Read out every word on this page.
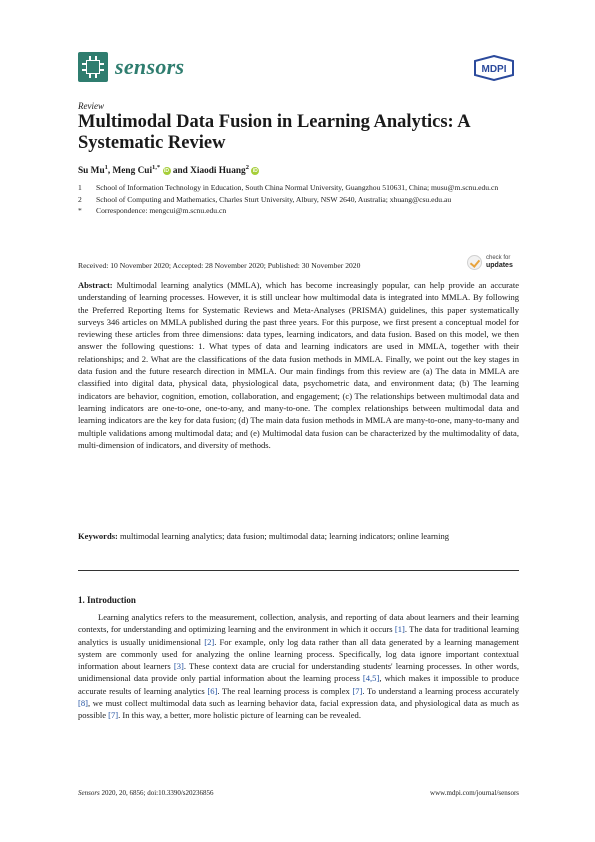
sensors	MDPI
Review
Multimodal Data Fusion in Learning Analytics: A Systematic Review
Su Mu$^1$, Meng Cui$^{1,*}$ iD and Xiaodi Huang$^2$ iD
1	School of Information Technology in Education, South China Normal University, Guangzhou 510631, China; musu@m.scnu.edu.cn
2	School of Computing and Mathematics, Charles Sturt University, Albury, NSW 2640, Australia; xhuang@csu.edu.au
*	Correspondence: mengcui@m.scnu.edu.cn
Received: 10 November 2020; Accepted: 28 November 2020; Published: 30 November 2020
check for
updates
Abstract: Multimodal learning analytics (MMLA), which has become increasingly popular, can help provide an accurate understanding of learning processes. However, it is still unclear how multimodal data is integrated into MMLA. By following the Preferred Reporting Items for Systematic Reviews and Meta-Analyses (PRISMA) guidelines, this paper systematically surveys 346 articles on MMLA published during the past three years. For this purpose, we first present a conceptual model for reviewing these articles from three dimensions: data types, learning indicators, and data fusion. Based on this model, we then answer the following questions: 1. What types of data and learning indicators are used in MMLA, together with their relationships; and 2. What are the classifications of the data fusion methods in MMLA. Finally, we point out the key stages in data fusion and the future research direction in MMLA. Our main findings from this review are (a) The data in MMLA are classified into digital data, physical data, physiological data, psychometric data, and environment data; (b) The learning indicators are behavior, cognition, emotion, collaboration, and engagement; (c) The relationships between multimodal data and learning indicators are one-to-one, one-to-any, and many-to-one. The complex relationships between multimodal data and learning indicators are the key for data fusion; (d) The main data fusion methods in MMLA are many-to-one, many-to-many and multiple validations among multimodal data; and (e) Multimodal data fusion can be characterized by the multimodality of data, multi-dimension of indicators, and diversity of methods.
Keywords: multimodal learning analytics; data fusion; multimodal data; learning indicators; online learning
1. Introduction
Learning analytics refers to the measurement, collection, analysis, and reporting of data about learners and their learning contexts, for understanding and optimizing learning and the environment in which it occurs [1]. The data for traditional learning analytics is usually unidimensional [2]. For example, only log data rather than all data generated by a learning management system are commonly used for analyzing the online learning process. Specifically, log data ignore important contextual information about learners [3]. These context data are crucial for understanding students' learning processes. In other words, unidimensional data provide only partial information about the learning process [4,5], which makes it impossible to produce accurate results of learning analytics [6]. The real learning process is complex [7]. To understand a learning process accurately [8], we must collect multimodal data such as learning behavior data, facial expression data, and physiological data as much as possible [7]. In this way, a better, more holistic picture of learning can be revealed.
Sensors 2020, 20, 6856; doi:10.3390/s20236856	www.mdpi.com/journal/sensors
